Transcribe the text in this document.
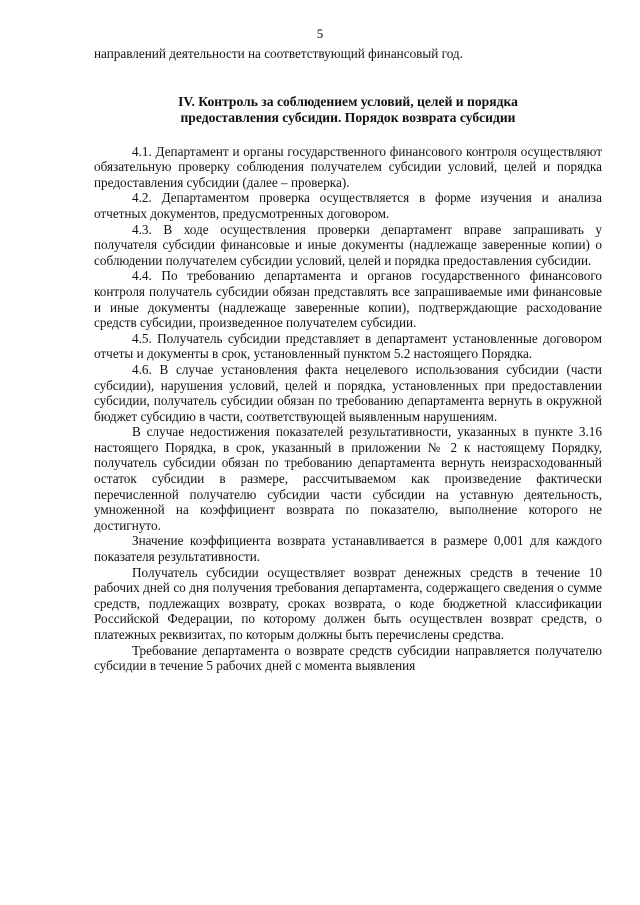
5

направлений деятельности на соответствующий финансовый год.

IV. Контроль за соблюдением условий, целей и порядка
предоставления субсидии. Порядок возврата субсидии

4.1. Департамент и органы государственного финансового контроля осуществляют обязательную проверку соблюдения получателем субсидии условий, целей и порядка предоставления субсидии (далее – проверка).

4.2. Департаментом проверка осуществляется в форме изучения и анализа отчетных документов, предусмотренных договором.

4.3. В ходе осуществления проверки департамент вправе запрашивать у получателя субсидии финансовые и иные документы (надлежаще заверенные копии) о соблюдении получателем субсидии условий, целей и порядка предоставления субсидии.

4.4. По требованию департамента и органов государственного финансового контроля получатель субсидии обязан представлять все запрашиваемые ими финансовые и иные документы (надлежаще заверенные копии), подтверждающие расходование средств субсидии, произведенное получателем субсидии.

4.5. Получатель субсидии представляет в департамент установленные договором отчеты и документы в срок, установленный пунктом 5.2 настоящего Порядка.

4.6. В случае установления факта нецелевого использования субсидии (части субсидии), нарушения условий, целей и порядка, установленных при предоставлении субсидии, получатель субсидии обязан по требованию департамента вернуть в окружной бюджет субсидию в части, соответствующей выявленным нарушениям.

В случае недостижения показателей результативности, указанных в пункте 3.16 настоящего Порядка, в срок, указанный в приложении № 2 к настоящему Порядку, получатель субсидии обязан по требованию департамента вернуть неизрасходованный остаток субсидии в размере, рассчитываемом как произведение фактически перечисленной получателю субсидии части субсидии на уставную деятельность, умноженной на коэффициент возврата по показателю, выполнение которого не достигнуто.

Значение коэффициента возврата устанавливается в размере 0,001 для каждого показателя результативности.

Получатель субсидии осуществляет возврат денежных средств в течение 10 рабочих дней со дня получения требования департамента, содержащего сведения о сумме средств, подлежащих возврату, сроках возврата, о коде бюджетной классификации Российской Федерации, по которому должен быть осуществлен возврат средств, о платежных реквизитах, по которым должны быть перечислены средства.

Требование департамента о возврате средств субсидии направляется получателю субсидии в течение 5 рабочих дней с момента выявления
